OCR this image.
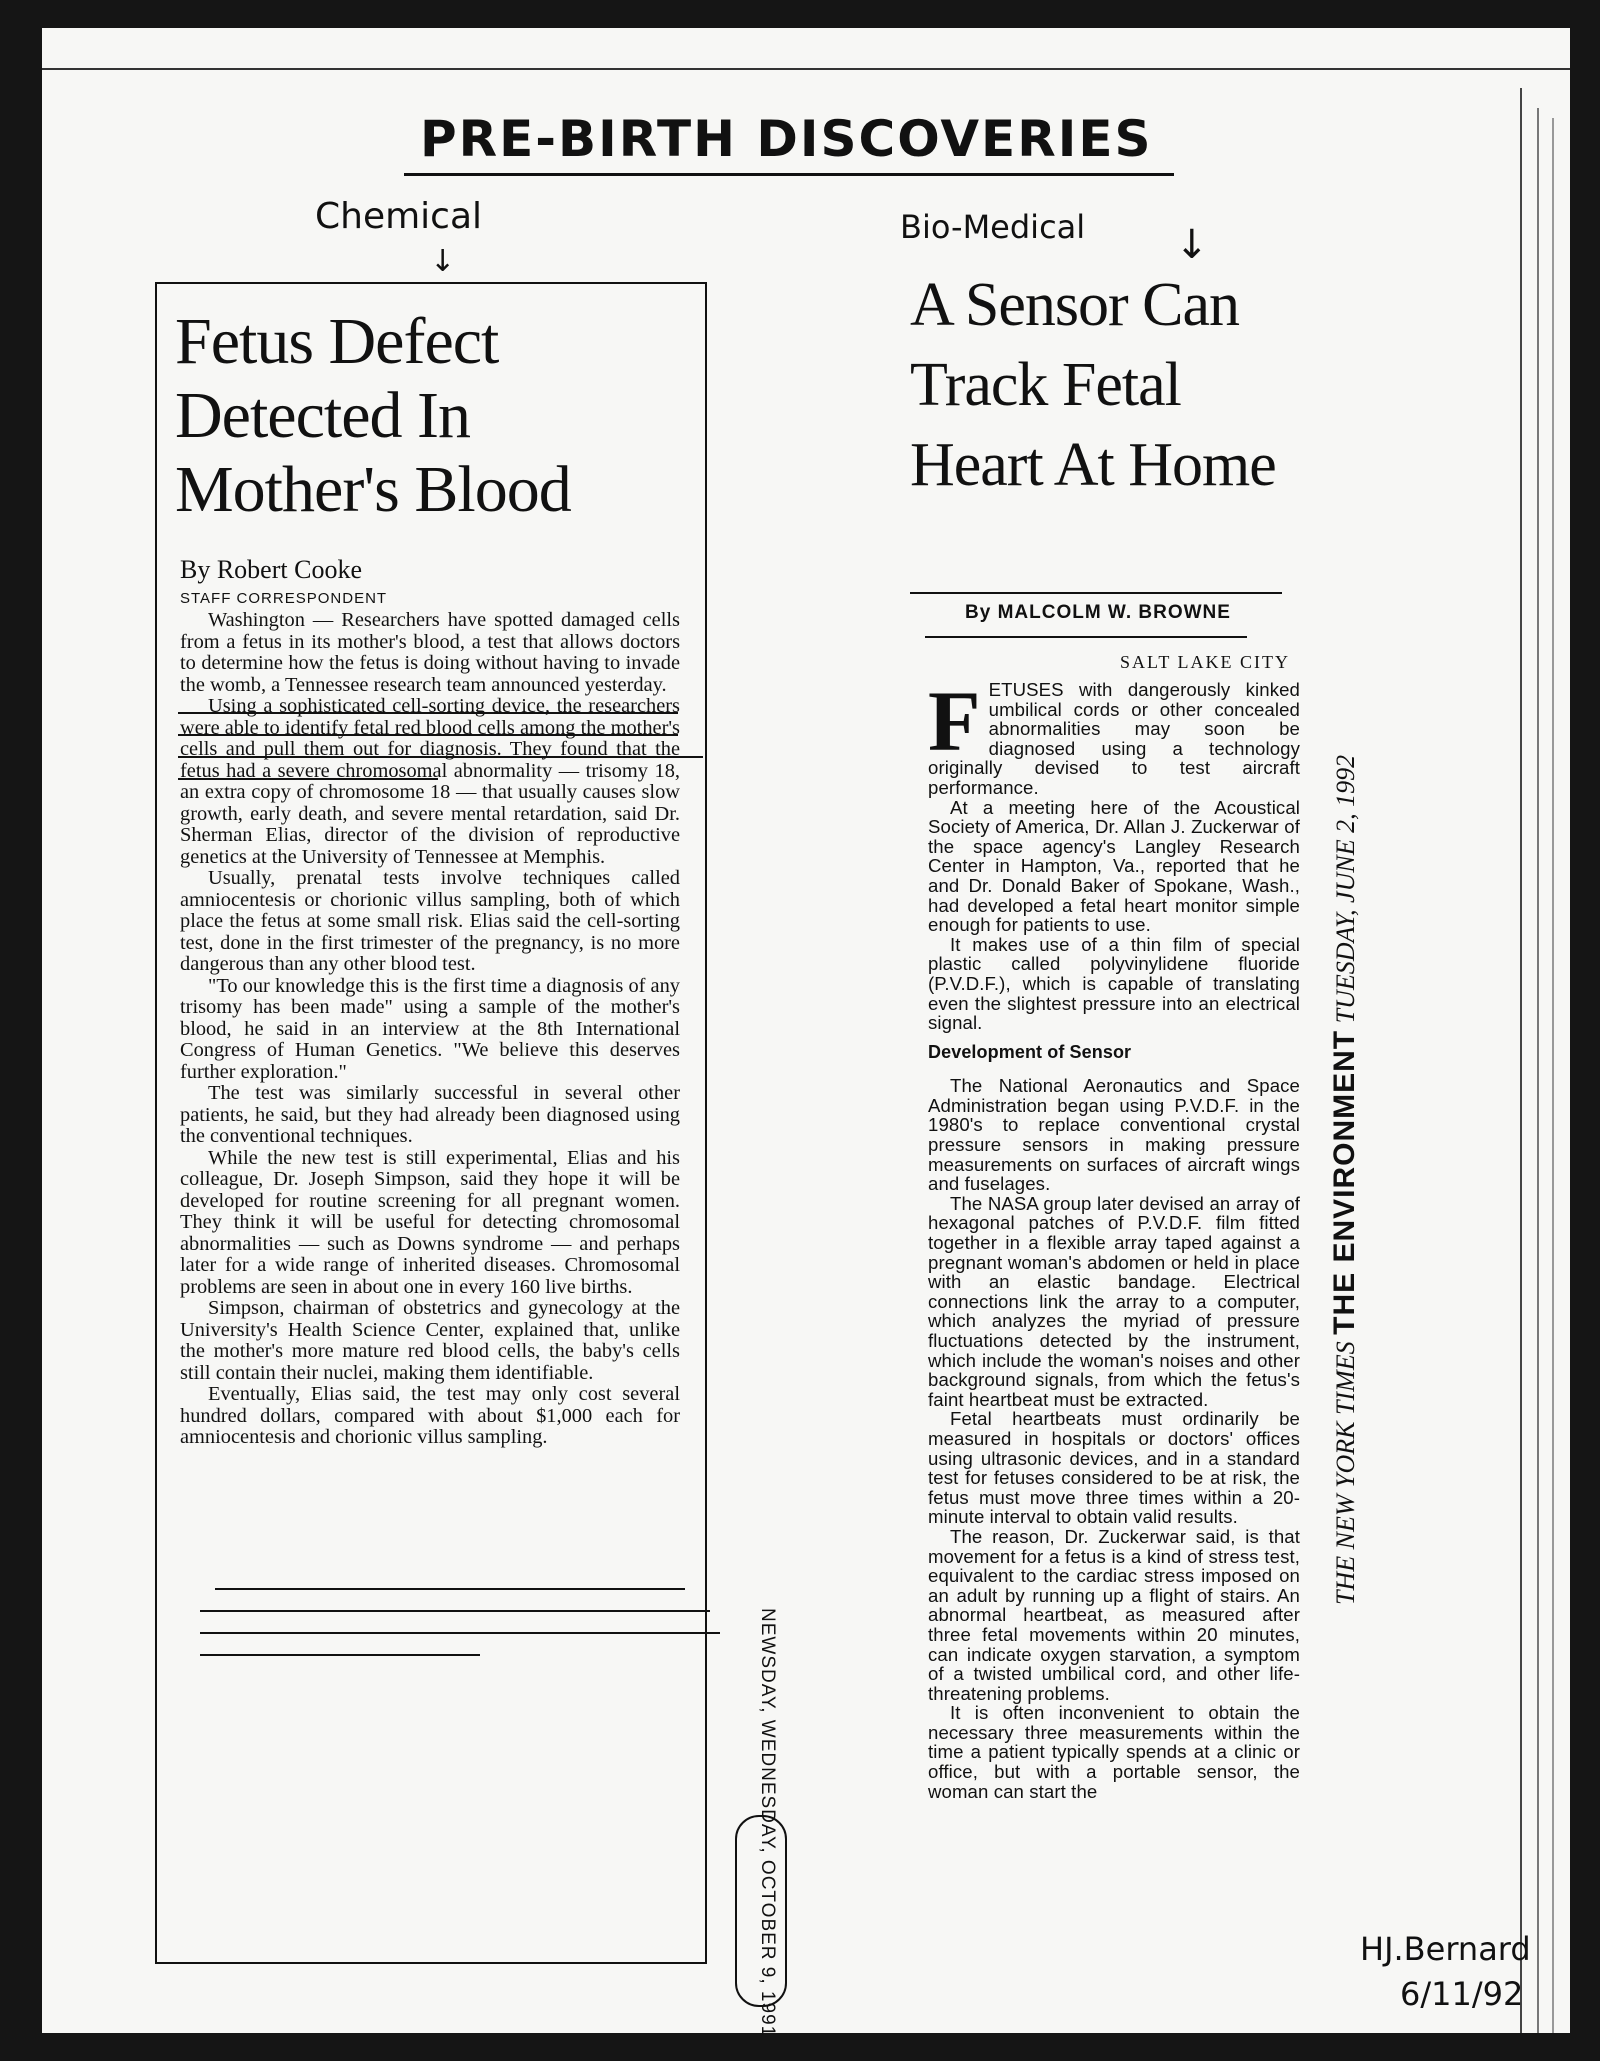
PRE-BIRTH DISCOVERIES
Chemical
↓
Bio-Medical ↓
Fetus Defect Detected In Mother's Blood
By Robert Cooke
STAFF CORRESPONDENT

Washington — Researchers have spotted damaged cells from a fetus in its mother's blood, a test that allows doctors to determine how the fetus is doing without having to invade the womb, a Tennessee research team announced yesterday.

Using a sophisticated cell-sorting device, the researchers were able to identify fetal red blood cells among the mother's cells and pull them out for diagnosis. They found that the fetus had a severe chromosomal abnormality — trisomy 18, an extra copy of chromosome 18 — that usually causes slow growth, early death, and severe mental retardation, said Dr. Sherman Elias, director of the division of reproductive genetics at the University of Tennessee at Memphis.

Usually, prenatal tests involve techniques called amniocentesis or chorionic villus sampling, both of which place the fetus at some small risk. Elias said the cell-sorting test, done in the first trimester of the pregnancy, is no more dangerous than any other blood test.

"To our knowledge this is the first time a diagnosis of any trisomy has been made" using a sample of the mother's blood, he said in an interview at the 8th International Congress of Human Genetics. "We believe this deserves further exploration."

The test was similarly successful in several other patients, he said, but they had already been diagnosed using the conventional techniques.

While the new test is still experimental, Elias and his colleague, Dr. Joseph Simpson, said they hope it will be developed for routine screening for all pregnant women. They think it will be useful for detecting chromosomal abnormalities — such as Downs syndrome — and perhaps later for a wide range of inherited diseases. Chromosomal problems are seen in about one in every 160 live births.

Simpson, chairman of obstetrics and gynecology at the University's Health Science Center, explained that, unlike the mother's more mature red blood cells, the baby's cells still contain their nuclei, making them identifiable.

Eventually, Elias said, the test may only cost several hundred dollars, compared with about $1,000 each for amniocentesis and chorionic villus sampling.

NEWSDAY, WEDNESDAY, OCTOBER 9, 1991
THE NEW YORK TIMES THE ENVIRONMENT TUESDAY, JUNE 2, 1992
A Sensor Can Track Fetal Heart At Home
By MALCOLM W. BROWNE
SALT LAKE CITY

FETUSES with dangerously kinked umbilical cords or other concealed abnormalities may soon be diagnosed using a technology originally devised to test aircraft performance.

At a meeting here of the Acoustical Society of America, Dr. Allan J. Zuckerwar of the space agency's Langley Research Center in Hampton, Va., reported that he and Dr. Donald Baker of Spokane, Wash., had developed a fetal heart monitor simple enough for patients to use.

It makes use of a thin film of special plastic called polyvinylidene fluoride (P.V.D.F.), which is capable of translating even the slightest pressure into an electrical signal.

Development of Sensor

The National Aeronautics and Space Administration began using P.V.D.F. in the 1980's to replace conventional crystal pressure sensors in making pressure measurements on surfaces of aircraft wings and fuselages.

The NASA group later devised an array of hexagonal patches of P.V.D.F. film fitted together in a flexible array taped against a pregnant woman's abdomen or held in place with an elastic bandage. Electrical connections link the array to a computer, which analyzes the myriad of pressure fluctuations detected by the instrument, which include the woman's noises and other background signals, from which the fetus's faint heartbeat must be extracted.

Fetal heartbeats must ordinarily be measured in hospitals or doctors' offices using ultrasonic devices, and in a standard test for fetuses considered to be at risk, the fetus must move three times within a 20-minute interval to obtain valid results.

The reason, Dr. Zuckerwar said, is that movement for a fetus is a kind of stress test, equivalent to the cardiac stress imposed on an adult by running up a flight of stairs. An abnormal heartbeat, as measured after three fetal movements within 20 minutes, can indicate oxygen starvation, a symptom of a twisted umbilical cord, and other life-threatening problems.

It is often inconvenient to obtain the necessary three measurements within the time a patient typically spends at a clinic or office, but with a portable sensor, the woman can start the

HJ.Bernard
6/11/92
